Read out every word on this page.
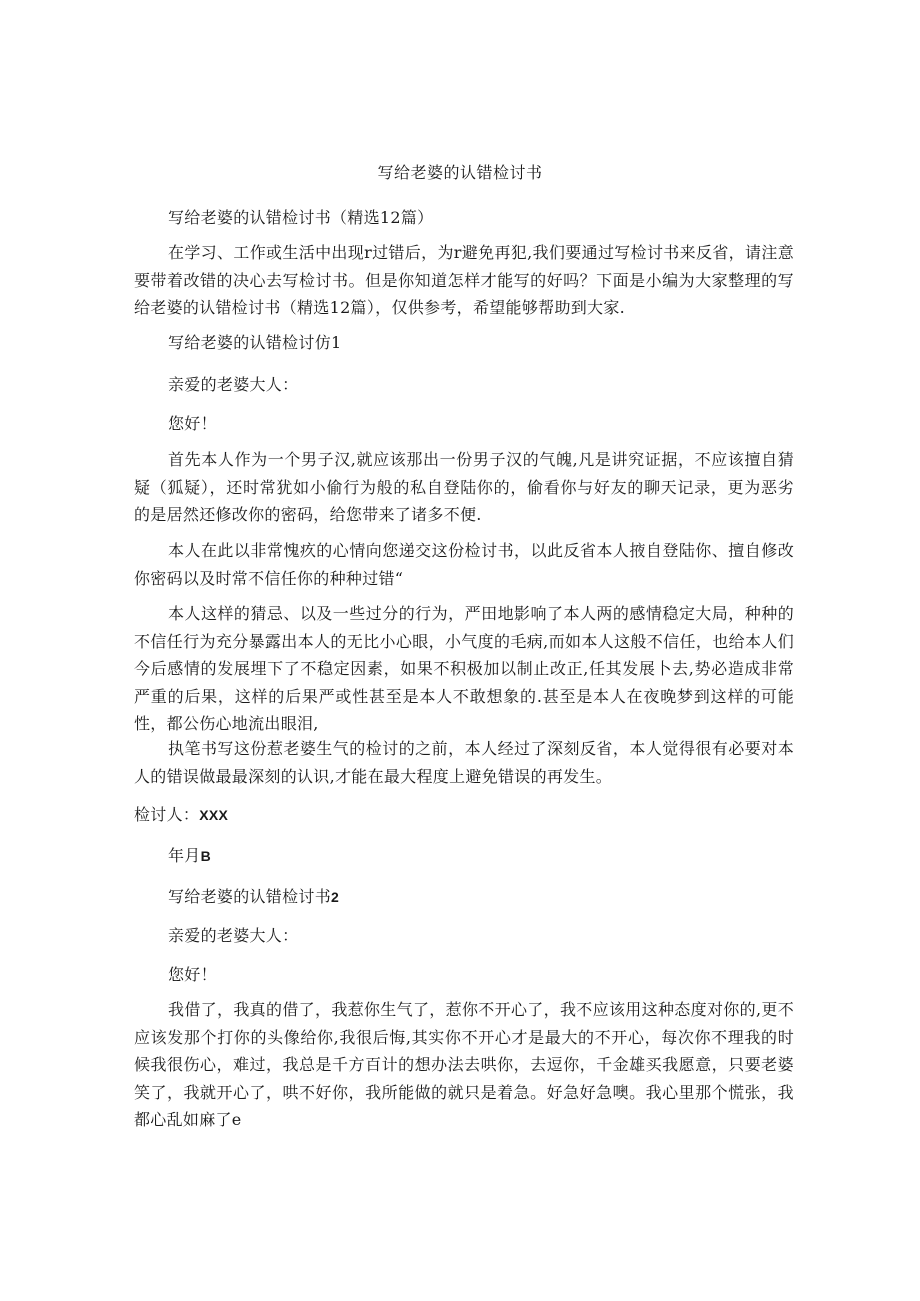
写给老婆的认错检讨书
写给老婆的认错检讨书（精选12篇）
在学习、工作或生活中出现r过错后，为r避免再犯,我们要通过写检讨书来反省，请注意要带着改错的决心去写检讨书。但是你知道怎样才能写的好吗？下面是小编为大家整理的写给老婆的认错检讨书（精选12篇），仅供参考，希望能够帮助到大家.
写给老婆的认错检讨仿1
亲爱的老婆大人：
您好！
首先本人作为一个男子汉,就应该那出一份男子汉的气魄,凡是讲究证据，不应该擅自猜疑（狐疑），还时常犹如小偷行为般的私自登陆你的，偷看你与好友的聊天记录，更为恶劣的是居然还修改你的密码，给您带来了诸多不便.
本人在此以非常愧疚的心情向您递交这份检讨书，以此反省本人掖自登陆你、擅自修改你密码以及时常不信任你的种种过错“
本人这样的猜忌、以及一些过分的行为，严田地影响了本人两的感情稳定大局，种种的不信任行为充分暴露出本人的无比小心眼，小气度的毛病,而如本人这般不信任，也给本人们今后感情的发展埋下了不稳定因素，如果不积极加以制止改正,任其发展卜去,势必造成非常严重的后果，这样的后果严或性甚至是本人不敢想象的.甚至是本人在夜晚梦到这样的可能性，都公伤心地流出眼泪,
执笔书写这份惹老婆生气的检讨的之前，本人经过了深刻反省，本人觉得很有必要对本人的错误做最最深刻的认识,才能在最大程度上避免错误的再发生。
检讨人：XXX
年月B
写给老婆的认错检讨书2
亲爱的老婆大人：
您好！
我借了，我真的借了，我惹你生气了，惹你不开心了，我不应该用这种态度对你的,更不应该发那个打你的头像给你,我很后悔,其实你不开心才是最大的不开心，每次你不理我的时候我很伤心，难过，我总是千方百计的想办法去哄你，去逗你，千金雄买我愿意，只要老婆笑了，我就开心了，哄不好你，我所能做的就只是着急。好急好急噢。我心里那个慌张，我都心乱如麻了e
